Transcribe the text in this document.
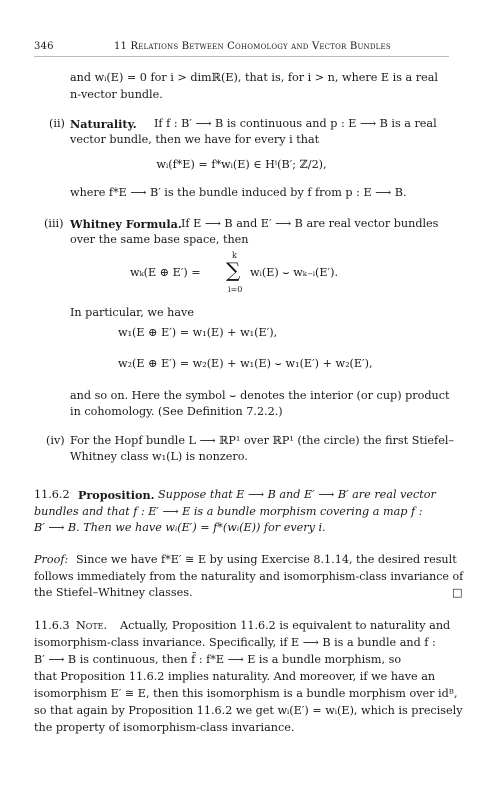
346	11 Relations Between Cohomology and Vector Bundles
and wᵢ(E) = 0 for i > dimℝ(E), that is, for i > n, where E is a real
n-vector bundle.
(ii) Naturality. If f : B′ ⟶ B is continuous and p : E ⟶ B is a real
vector bundle, then we have for every i that
wᵢ(f*E) = f*wᵢ(E) ∈ Hⁱ(B′; ℤ/2),
where f*E ⟶ B′ is the bundle induced by f from p : E ⟶ B.
(iii) Whitney Formula. If E ⟶ B and E′ ⟶ B are real vector bundles
over the same base space, then
wₖ(E ⊕ E′) =
k
∑
i=0
wᵢ(E) ⌣ wₖ₋ᵢ(E′).
In particular, we have
w₁(E ⊕ E′) = w₁(E) + w₁(E′),
w₂(E ⊕ E′) = w₂(E) + w₁(E) ⌣ w₁(E′) + w₂(E′),
and so on. Here the symbol ⌣ denotes the interior (or cup) product
in cohomology. (See Definition 7.2.2.)
(iv) For the Hopf bundle L ⟶ ℝP¹ over ℝP¹ (the circle) the first Stiefel–
Whitney class w₁(L) is nonzero.
11.6.2 Proposition. Suppose that E ⟶ B and E′ ⟶ B′ are real vector
bundles and that f : E′ ⟶ E is a bundle morphism covering a map f :
B′ ⟶ B. Then we have wᵢ(E′) = f*(wᵢ(E)) for every i.
Proof: Since we have f*E′ ≅ E by using Exercise 8.1.14, the desired result
follows immediately from the naturality and isomorphism-class invariance of
the Stiefel–Whitney classes.	□
11.6.3 Note. Actually, Proposition 11.6.2 is equivalent to naturality and
isomorphism-class invariance. Specifically, if E ⟶ B is a bundle and f :
B′ ⟶ B is continuous, then f̄ : f*E ⟶ E is a bundle morphism, so
that Proposition 11.6.2 implies naturality. And moreover, if we have an
isomorphism E′ ≅ E, then this isomorphism is a bundle morphism over idᴮ,
so that again by Proposition 11.6.2 we get wᵢ(E′) = wᵢ(E), which is precisely
the property of isomorphism-class invariance.
